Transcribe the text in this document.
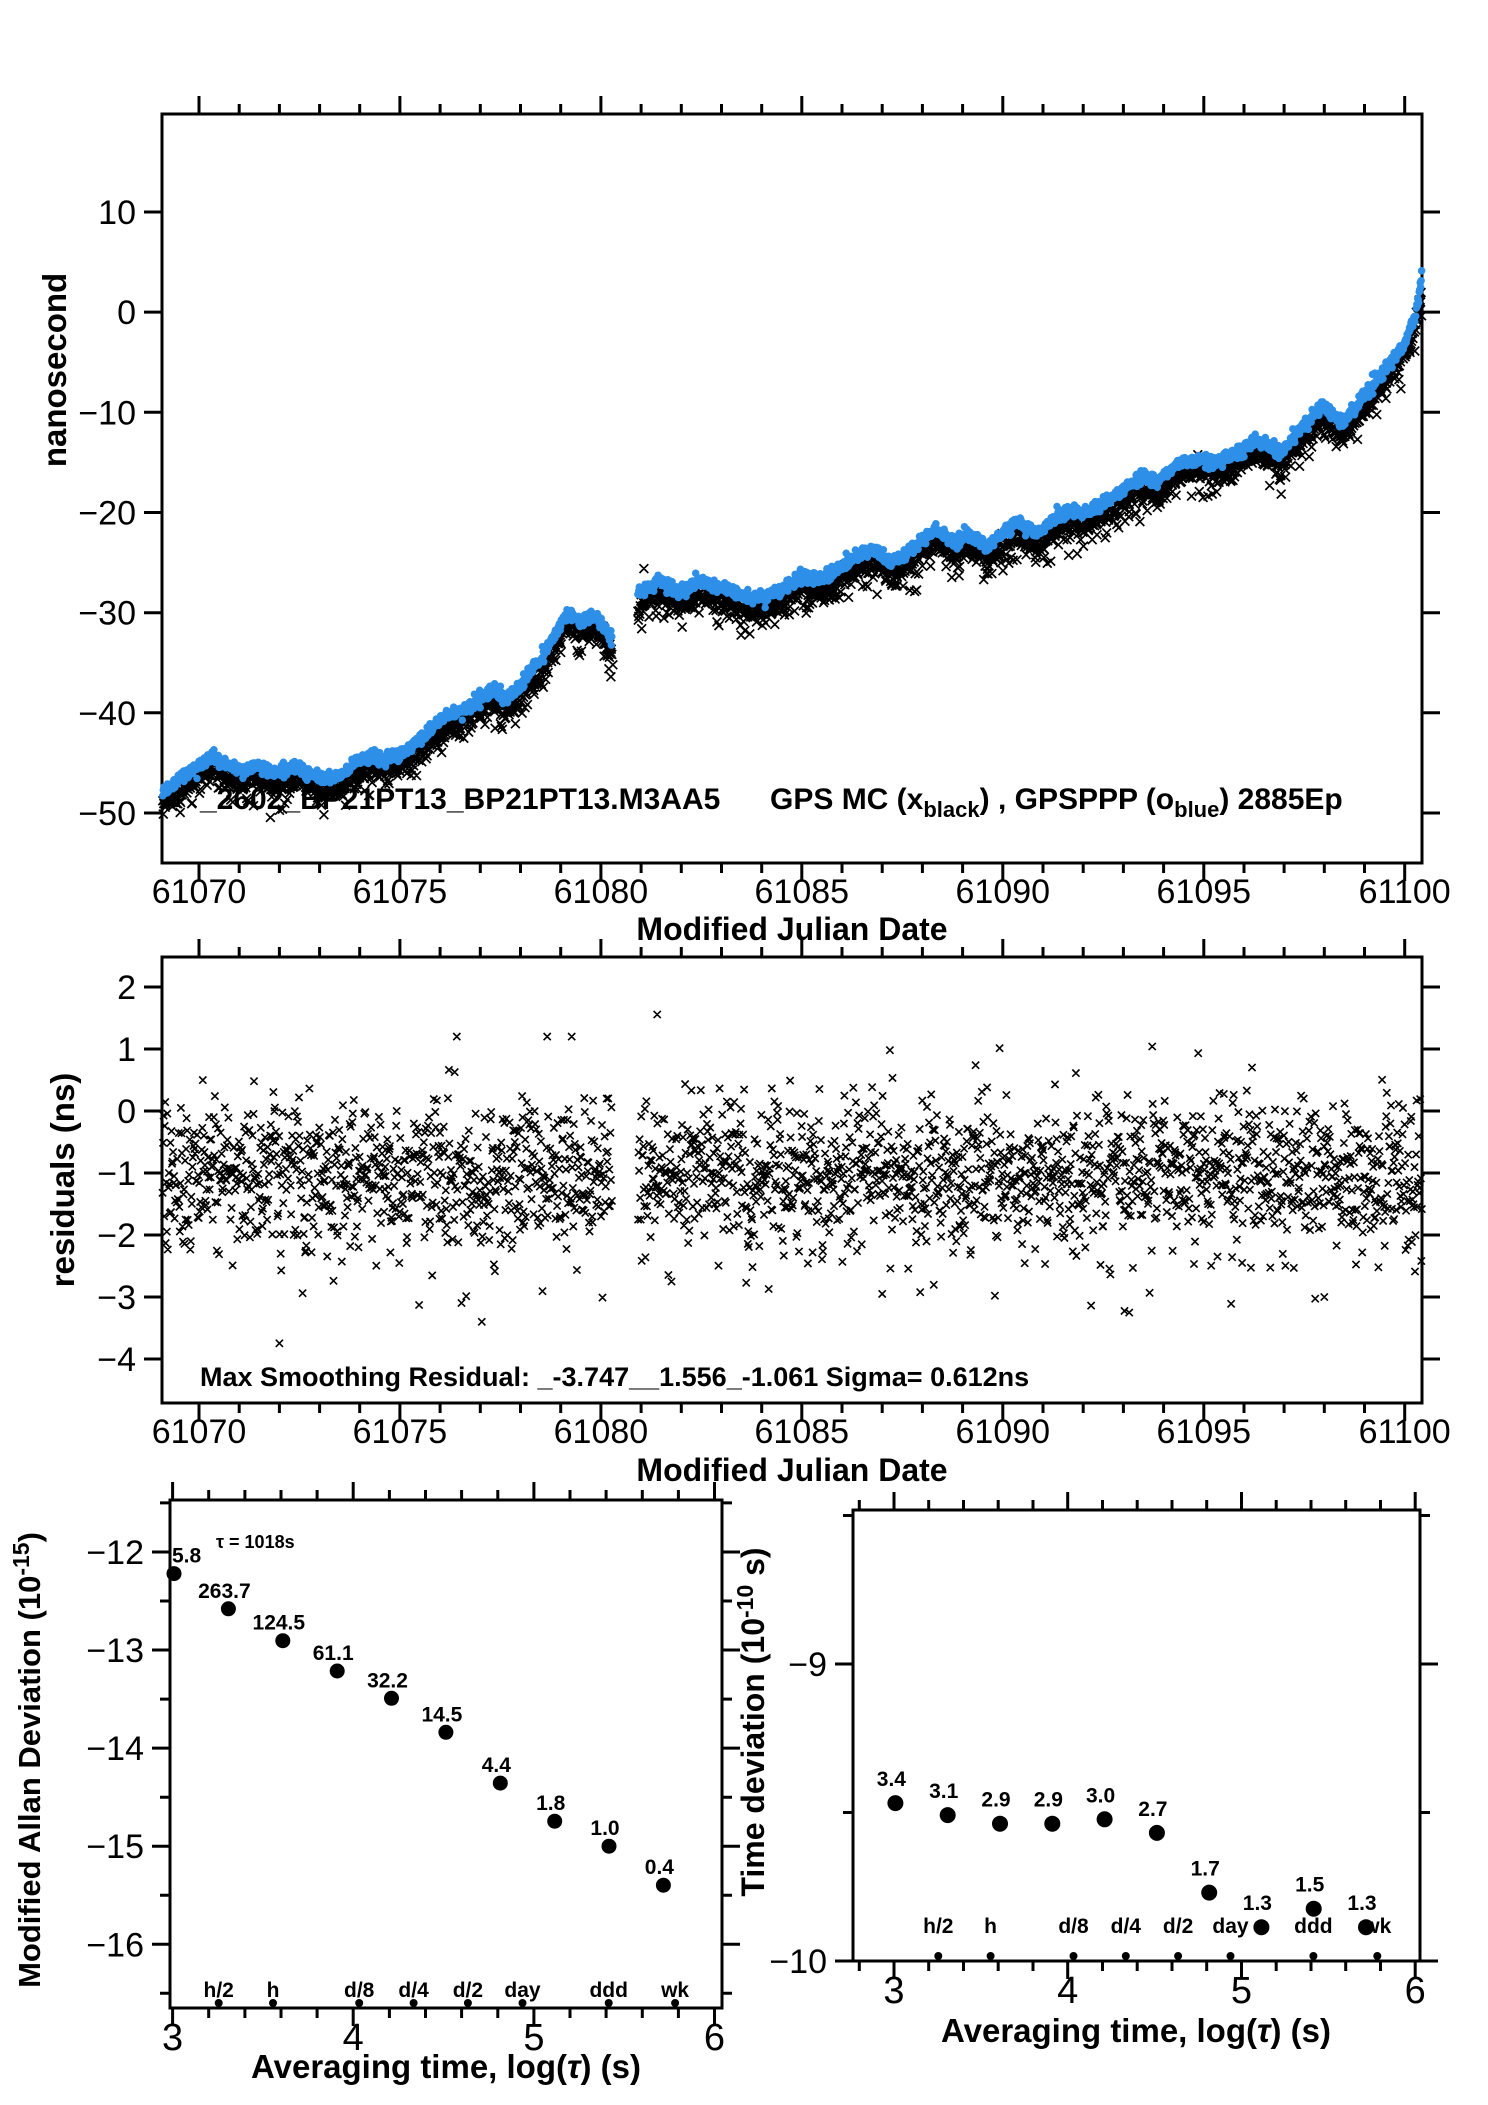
61070	61075	61080	61085	61090	61095	61100
10
0
−10
−20
−30
−40
−50 _2602_BP21PT13_BP21PT13.M3AA5 GPS MC $(x_{black})$ , GPSPPP $(o_{blue})$ 2885Ep
Modified Julian Date
nanosecond
61070	61075	61080	61085	61090	61095	61100
2
1
0
−1
−2
−3
−4 Max Smoothing Residual: _-3.747__1.556_-1.061 Sigma= 0.612ns
Modified Julian Date
residuals (ns)
3	4	5	6
−12
−13
−14
−15
−16
5.8
263.7
124.5
61.1
32.2
14.5
4.4
1.8
1.0
0.4
h/2 h	d/8 d/4 d/2 day ddd wk
τ = 1018s
Averaging time, log(τ) (s)
Modified Allan Deviation $(10^{-15})$
3	4	5	6
−9
−10
3.4
3.1 2.9 2.9 3.0
2.7
1.7
1.3
1.5
1.3
h/2 h	d/8 d/4 d/2 day ddd wk
Averaging time, log(τ) (s)
Time deviation ($10^{-10}$ s)
